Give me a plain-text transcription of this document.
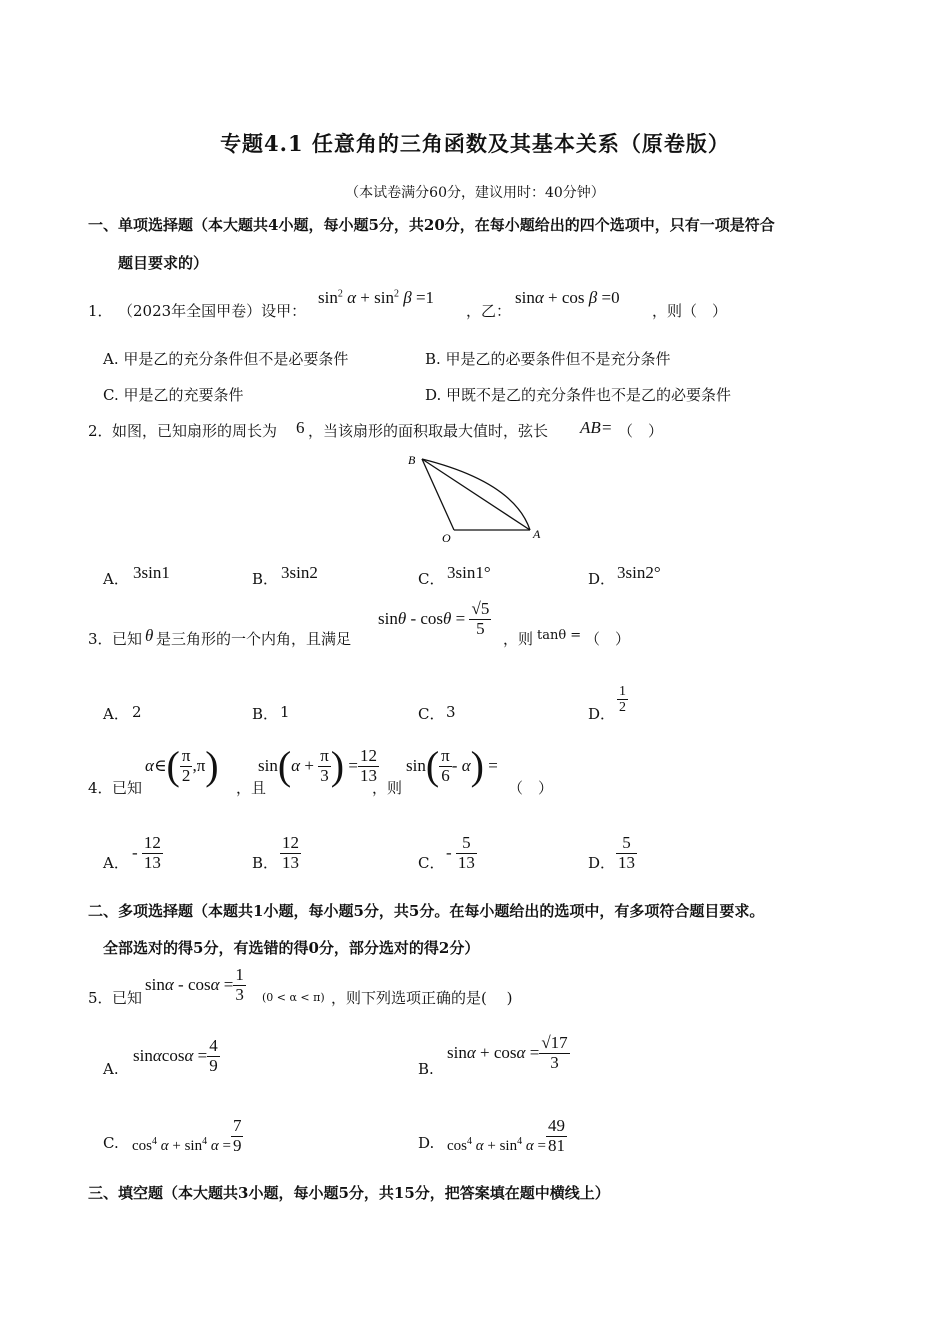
专题4.1 任意角的三角函数及其基本关系（原卷版）
（本试卷满分60分，建议用时：40分钟）
一、单项选择题（本大题共4小题，每小题5分，共20分，在每小题给出的四个选项中，只有一项是符合
题目要求的）
1． （2023年全国甲卷）设甲：
$\sin^2 \alpha + \sin^2 \beta =1$
，乙：
sinα + cos β =0
，则（　）
A. 甲是乙的充分条件但不是必要条件	B. 甲是乙的必要条件但不是充分条件
C. 甲是乙的充要条件	D. 甲既不是乙的充分条件也不是乙的必要条件
2． 如图，已知扇形的周长为 6 ，当该扇形的面积取最大值时，弦长 AB = （　）
B
O	A
A． 3sin1	B． 3sin2	C． 3sin1°	D． 3sin2°
3． 已知 θ 是三角形的一个内角，且满足
$\sin\theta - \cos\theta = \frac{√5}{5}$
，则 tanθ = （　）
A． 2	B． 1	C． 3	D． $\frac{1}{2}$
4． 已知
α∈( $\frac{\pi}{2} ,\pi$) ，且
$\sin(\alpha + \frac{\pi}{3}$ ) = $\frac{12}{13}$
，则
$\sin( \frac{\pi}{6} - \alpha)$ =
（　）
A．
- $\frac{12}{13}$	B． $\frac{12}{13}$	C．
- $\frac{5}{13}$	D． $\frac{5}{13}$
二、多项选择题（本题共1小题，每小题5分，共5分。在每小题给出的选项中，有多项符合题目要求。
全部选对的得5分，有选错的得0分，部分选对的得2分）
5． 已知
$\sin\alpha - \cos\alpha = \frac{1}{3} (0 < \alpha < \pi)$ ，则下列选项正确的是(　 )
A.
$\sin\alpha\cos\alpha = \frac{4}{9}$	B.
$\sin\alpha + \cos\alpha = \frac{√17}{3}$
C. $\cos^4 \alpha + \sin^4 \alpha = \frac{7}{9}$	D. $\cos^4 \alpha + \sin^4 \alpha = \frac{49}{81}$
三、填空题（本大题共3小题，每小题5分，共15分，把答案填在题中横线上）
